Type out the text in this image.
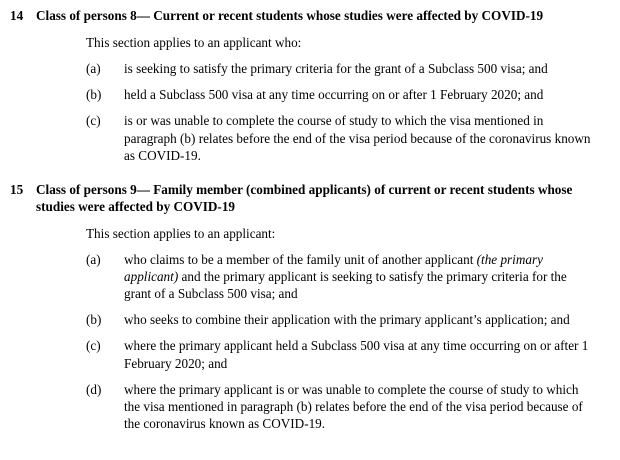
14 Class of persons 8— Current or recent students whose studies were affected by COVID-19
This section applies to an applicant who:
(a)	is seeking to satisfy the primary criteria for the grant of a Subclass 500 visa; and
(b)	held a Subclass 500 visa at any time occurring on or after 1 February 2020; and
(c)	is or was unable to complete the course of study to which the visa mentioned in paragraph (b) relates before the end of the visa period because of the coronavirus known as COVID-19.
15 Class of persons 9— Family member (combined applicants) of current or recent students whose studies were affected by COVID-19
This section applies to an applicant:
(a)	who claims to be a member of the family unit of another applicant (the primary applicant) and the primary applicant is seeking to satisfy the primary criteria for the grant of a Subclass 500 visa; and
(b)	who seeks to combine their application with the primary applicant’s application; and
(c)	where the primary applicant held a Subclass 500 visa at any time occurring on or after 1 February 2020; and
(d)	where the primary applicant is or was unable to complete the course of study to which the visa mentioned in paragraph (b) relates before the end of the visa period because of the coronavirus known as COVID-19.
